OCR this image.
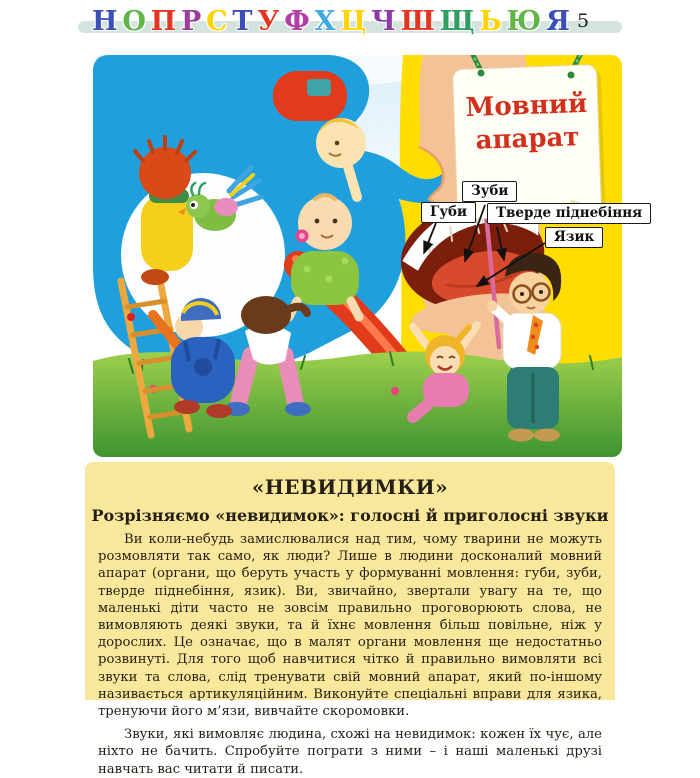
Н О П Р С Т У Ф Х Ц Ч Ш Щ Ь Ю Я 5
Мовний
апарат
Зуби
Губи	Тверде піднебіння
Язик
«НЕВИДИМКИ»
Розрізняємо «невидимок»: голосні й приголосні звуки

Ви коли-небудь замислювалися над тим, чому тварини не можуть розмовляти так само, як люди? Лише в людини досконалий мовний апарат (органи, що беруть участь у формуванні мовлення: губи, зуби, тверде піднебіння, язик). Ви, звичайно, звертали увагу на те, що маленькі діти часто не зовсім правильно проговорюють слова, не вимовляють деякі звуки, та й їхнє мовлення більш повільне, ніж у дорослих. Це означає, що в малят органи мовлення ще недостатньо розвинуті. Для того щоб навчитися чітко й правильно вимовляти всі звуки та слова, слід тренувати свій мовний апарат, який по-іншому називається артикуляційним. Виконуйте спеціальні вправи для язика, тренуючи його м’язи, вивчайте скоромовки.

Звуки, які вимовляє людина, схожі на невидимок: кожен їх чує, але ніхто не бачить. Спробуйте пограти з ними – і наші маленькі друзі навчать вас читати й писати.
